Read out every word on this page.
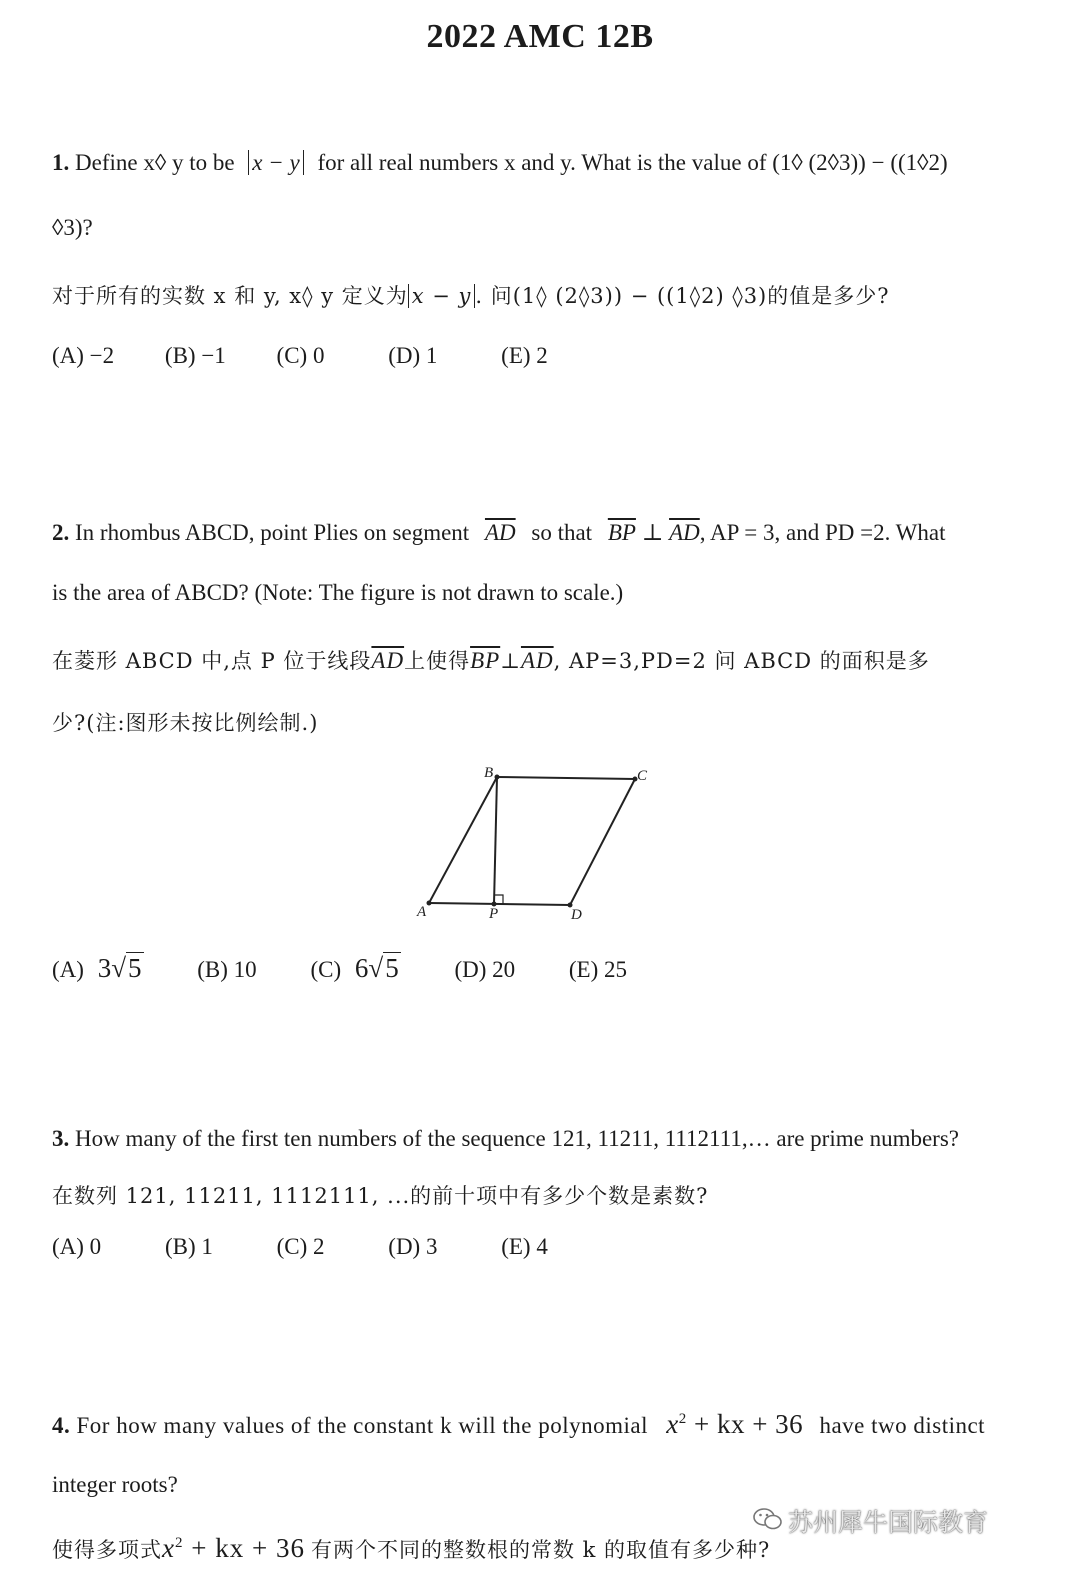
2022 AMC 12B
1. Define x◊ y to be x − y for all real numbers x and y. What is the value of (1◊ (2◊3)) − ((1◊2)
◊3)?
对于所有的实数 x 和 y, x◊ y 定义为 x − y . 问(1◊ (2◊3)) − ((1◊2) ◊3)的值是多少?
(A) −2 (B) −1 (C) 0	(D) 1	(E) 2
2. In rhombus ABCD, point Plies on segment $\overline{AD}$ so that $\overline{BP}$ ⊥ $\overline{AD}$, AP = 3, and PD =2. What
is the area of ABCD? (Note: The figure is not drawn to scale.)
在菱形 ABCD 中,点 P 位于线段$\overline{AD}$上使得$\overline{BP}\perp\overline{AD}$, AP=3,PD=2 问 ABCD 的面积是多
少?(注:图形未按比例绘制.)
A
B	C
D
P
(A) 3√5 (B) 10 (C) 6√5 (D) 20 (E) 25
3. How many of the first ten numbers of the sequence 121, 11211, 1112111,… are prime numbers?
在数列 121, 11211, 1112111, ...的前十项中有多少个数是素数?
(A) 0	(B) 1	(C) 2	(D) 3	(E) 4
4. For how many values of the constant k will the polynomial $x^2$ + kx + 36 have two distinct
integer roots?
使得多项式$x^2$ + kx + 36 有两个不同的整数根的常数 k 的取值有多少种?
苏州犀牛国际教育
